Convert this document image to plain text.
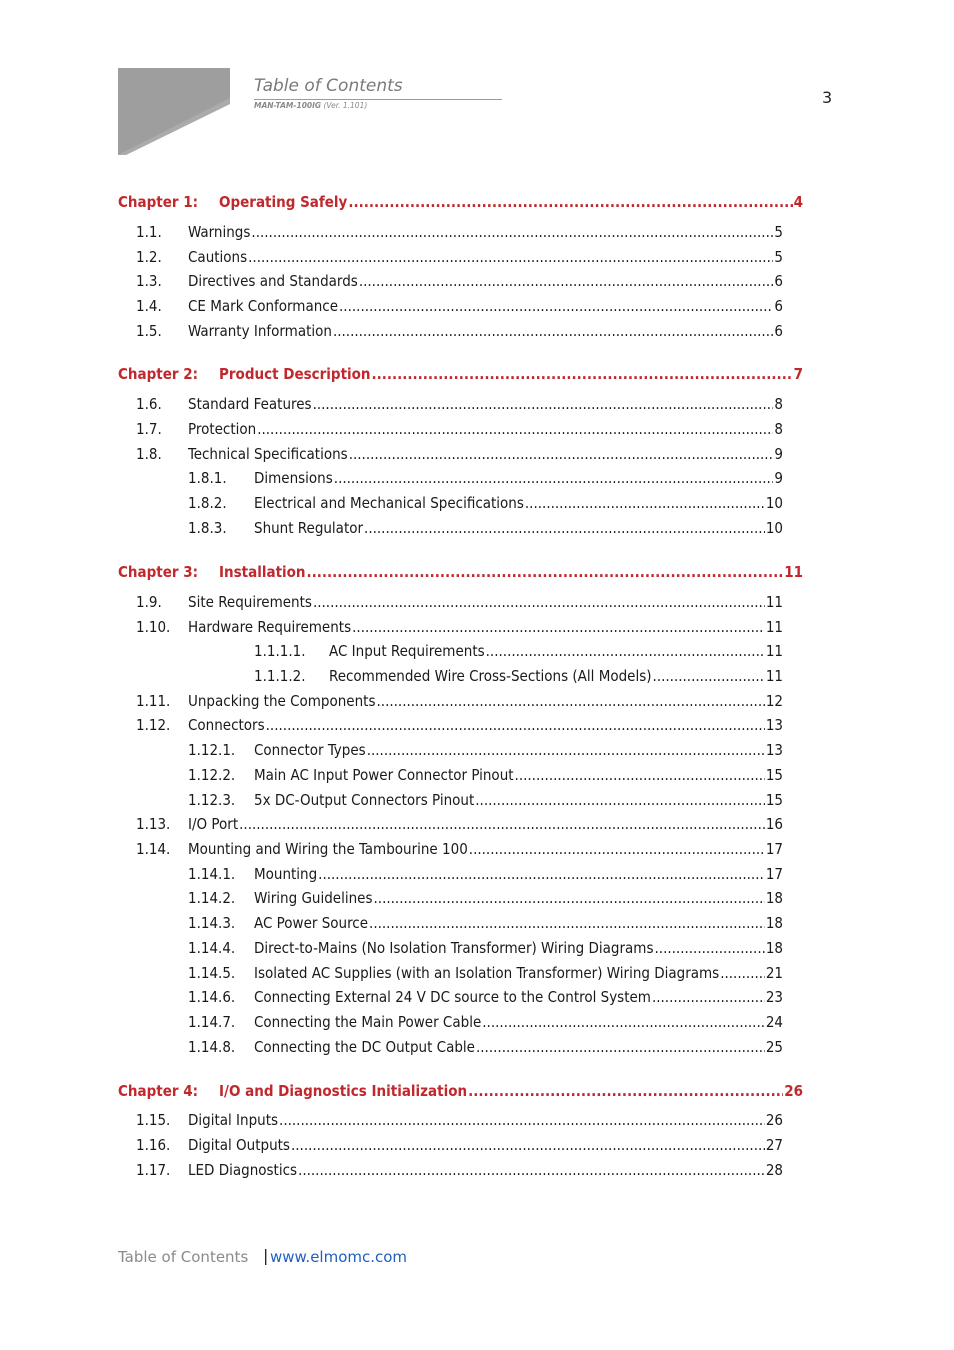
Table of Contents
MAN-TAM-100IG (Ver. 1.101)	3
Chapter 1: Operating Safely .....	4
1.1. Warnings .....	5
1.2. Cautions .....	5
1.3. Directives and Standards .....	6
1.4. CE Mark Conformance .....	6
1.5. Warranty Information .....	6
Chapter 2: Product Description .....	7
1.6. Standard Features .....	8
1.7. Protection .....	8
1.8. Technical Specifications .....	9
1.8.1. Dimensions .....	9
1.8.2. Electrical and Mechanical Specifications .....	10
1.8.3. Shunt Regulator .....	10
Chapter 3: Installation .....	11
1.9. Site Requirements .....	11
1.10. Hardware Requirements .....	11
1.1.1.1. AC Input Requirements .....	11
1.1.1.2. Recommended Wire Cross-Sections (All Models) .....	11
1.11. Unpacking the Components .....	12
1.12. Connectors .....	13
1.12.1. Connector Types .....	13
1.12.2. Main AC Input Power Connector Pinout .....	15
1.12.3. 5x DC-Output Connectors Pinout .....	15
1.13. I/O Port .....	16
1.14. Mounting and Wiring the Tambourine 100 .....	17
1.14.1. Mounting .....	17
1.14.2. Wiring Guidelines .....	18
1.14.3. AC Power Source .....	18
1.14.4. Direct-to-Mains (No Isolation Transformer) Wiring Diagrams .....	18
1.14.5. Isolated AC Supplies (with an Isolation Transformer) Wiring Diagrams .....	21
1.14.6. Connecting External 24 V DC source to the Control System .....	23
1.14.7. Connecting the Main Power Cable .....	24
1.14.8. Connecting the DC Output Cable .....	25
Chapter 4: I/O and Diagnostics Initialization .....	26
1.15. Digital Inputs .....	26
1.16. Digital Outputs .....	27
1.17. LED Diagnostics .....	28
Table of Contents | www.elmomc.com
